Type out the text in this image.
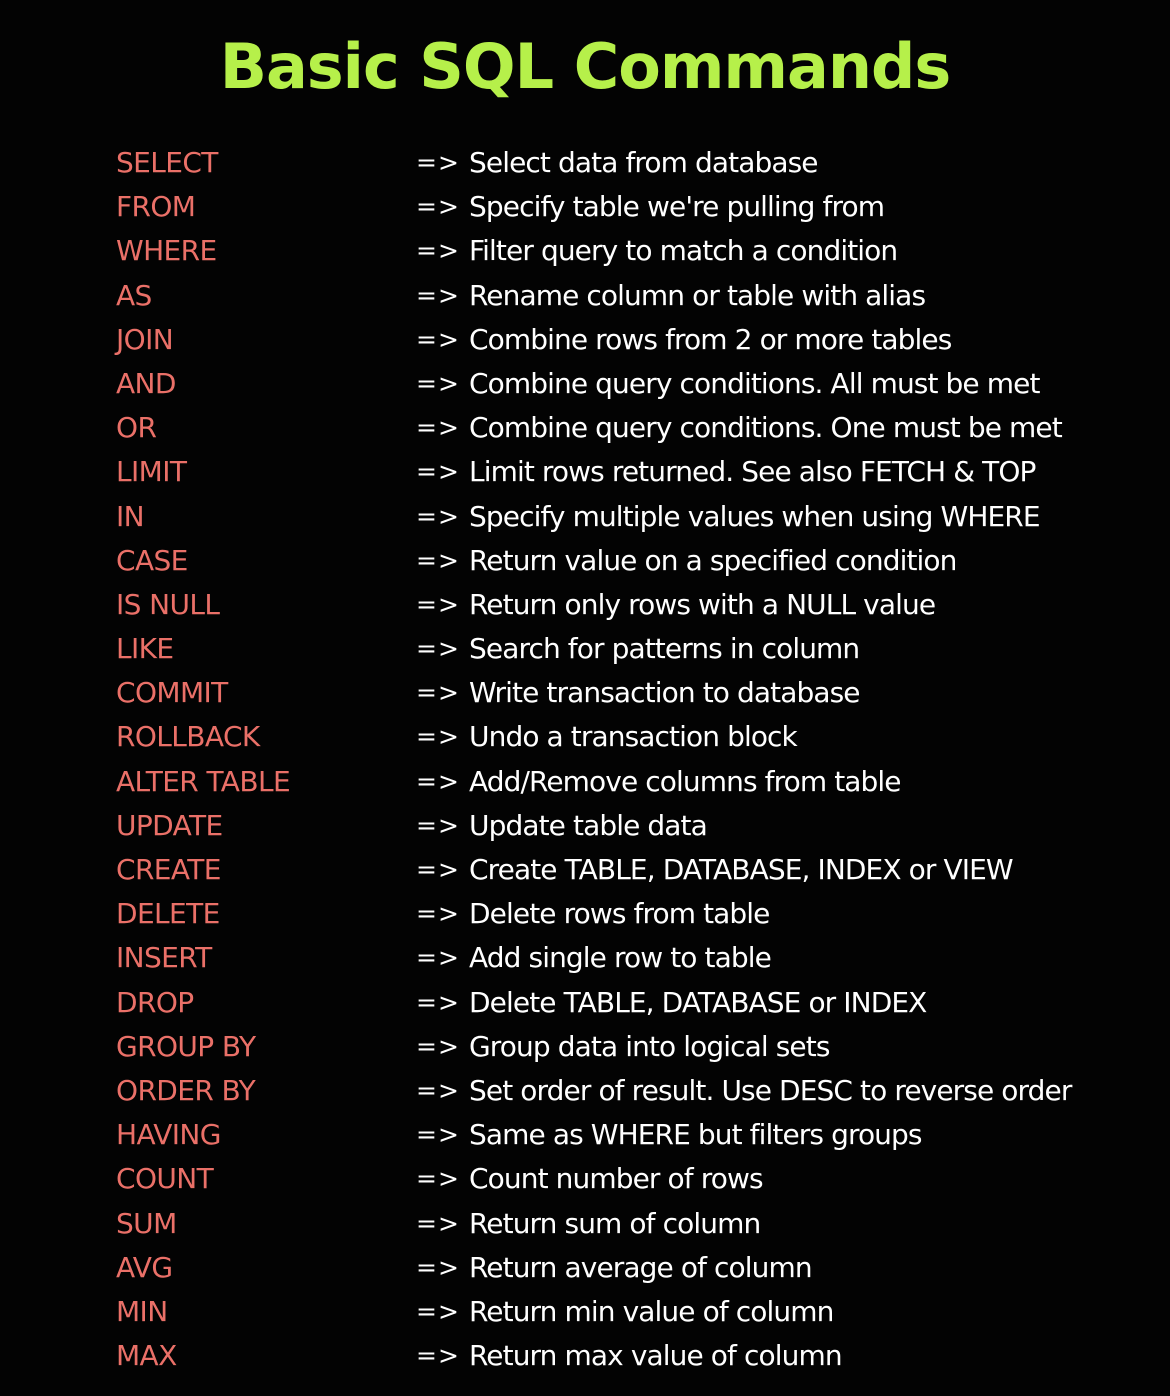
Basic SQL Commands
SELECT	=> Select data from database
FROM	=> Specify table we're pulling from
WHERE	=> Filter query to match a condition
AS	=> Rename column or table with alias
JOIN	=> Combine rows from 2 or more tables
AND	=> Combine query conditions. All must be met
OR	=> Combine query conditions. One must be met
LIMIT	=> Limit rows returned. See also FETCH & TOP
IN	=> Specify multiple values when using WHERE
CASE	=> Return value on a specified condition
IS NULL	=> Return only rows with a NULL value
LIKE	=> Search for patterns in column
COMMIT	=> Write transaction to database
ROLLBACK	=> Undo a transaction block
ALTER TABLE	=> Add/Remove columns from table
UPDATE	=> Update table data
CREATE	=> Create TABLE, DATABASE, INDEX or VIEW
DELETE	=> Delete rows from table
INSERT	=> Add single row to table
DROP	=> Delete TABLE, DATABASE or INDEX
GROUP BY	=> Group data into logical sets
ORDER BY	=> Set order of result. Use DESC to reverse order
HAVING	=> Same as WHERE but filters groups
COUNT	=> Count number of rows
SUM	=> Return sum of column
AVG	=> Return average of column
MIN	=> Return min value of column
MAX	=> Return max value of column
